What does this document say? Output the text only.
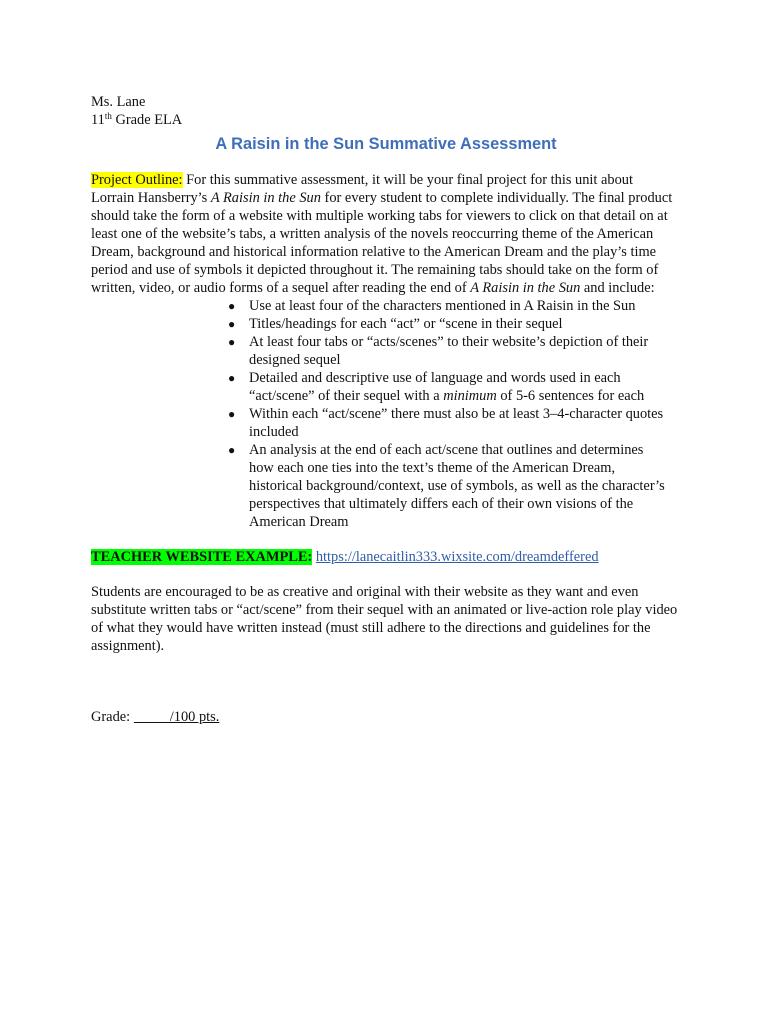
Ms. Lane

11th Grade ELA

A Raisin in the Sun Summative Assessment

Project Outline: For this summative assessment, it will be your final project for this unit about Lorrain Hansberry’s A Raisin in the Sun for every student to complete individually. The final product should take the form of a website with multiple working tabs for viewers to click on that detail on at least one of the website’s tabs, a written analysis of the novels reoccurring theme of the American Dream, background and historical information relative to the American Dream and the play’s time period and use of symbols it depicted throughout it. The remaining tabs should take on the form of written, video, or audio forms of a sequel after reading the end of A Raisin in the Sun and include:

● Use at least four of the characters mentioned in A Raisin in the Sun
● Titles/headings for each “act” or “scene in their sequel
● At least four tabs or “acts/scenes” to their website’s depiction of their designed sequel
● Detailed and descriptive use of language and words used in each “act/scene” of their sequel with a minimum of 5-6 sentences for each
● Within each “act/scene” there must also be at least 3–4-character quotes included
● An analysis at the end of each act/scene that outlines and determines how each one ties into the text’s theme of the American Dream, historical background/context, use of symbols, as well as the character’s perspectives that ultimately differs each of their own visions of the American Dream

TEACHER WEBSITE EXAMPLE: https://lanecaitlin333.wixsite.com/dreamdeffered

Students are encouraged to be as creative and original with their website as they want and even substitute written tabs or “act/scene” from their sequel with an animated or live-action role play video of what they would have written instead (must still adhere to the directions and guidelines for the assignment).

Grade:	/100 pts.
